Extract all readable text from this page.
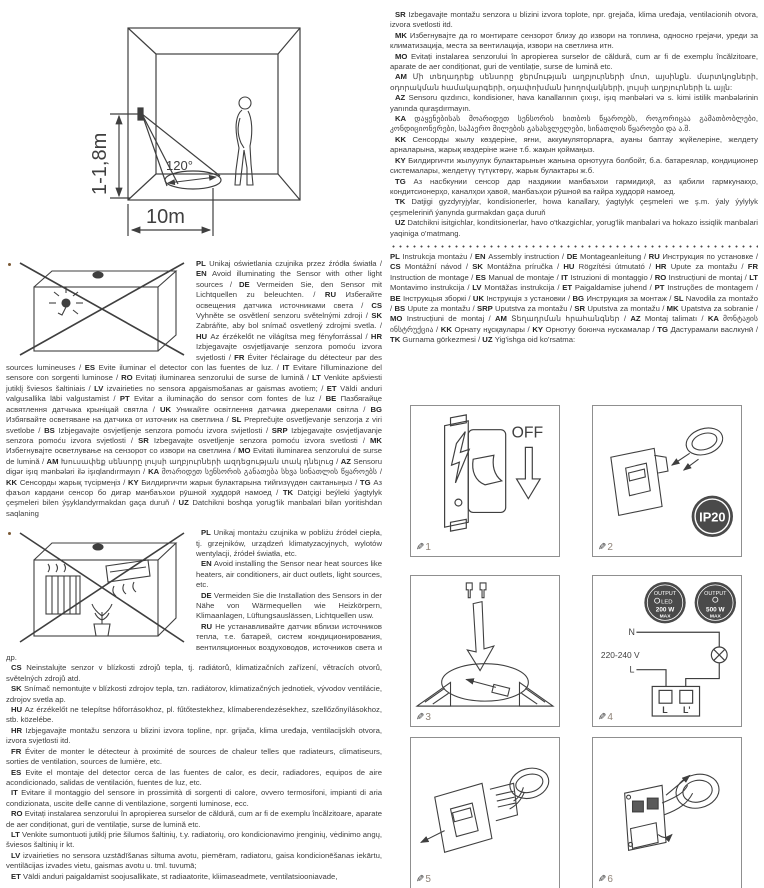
120°
1-1,8m
10m
PL Unikaj oświetlania czujnika przez źródła światła / EN Avoid illuminating the Sensor with other light sources / DE Vermeiden Sie, den Sensor mit Lichtquellen zu beleuchten. / RU Избегайте освещения датчика источниками света / CS Vyhněte se osvětlení senzoru světelnými zdroji / SK Zabráňte, aby bol snímač osvetlený zdrojmi svetla. / HU Az érzékelőt ne világítsa meg fényforrással / HR Izbjegavajte osvjetljavanje senzora pomoću izvora svjetlosti / FR Éviter l'éclairage du détecteur par des sources lumineuses / ES Evite iluminar el detector con las fuentes de luz. / IT Evitare l'illuminazione del sensore con sorgenti luminose / RO Evitați iluminarea senzorului de surse de lumină / LT Venkite apšviesti jutiklį šviesos šaltiniais / LV izvairieties no sensora apgaismošanas ar gaismas avotiem; / ET Väldi anduri valgusallika läbi valgustamist / PT Evitar a iluminação do sensor com fontes de luz / BE Пазбягайце асвятлення датчыка крыніцай святла / UK Уникайте освітлення датчика джерелами світла / BG Избягвайте осветяване на датчика от източник на светлина / SL Preprečujte osvetljevanje senzorja z viri svetlobe / BS Izbjegavajte osvjetljenje senzora pomoću izvora svijetlosti / SRP Izbjegavajte osvjetljavanje senzora pomoću izvora svjetlosti / SR Izbegavajte osvetljenje senzora pomoću izvora svetlosti / MK Избегнувајте осветлување на сензорот со извори на светлина / MO Evitati iluminarea senzorului de surse de lumină / AM Խուսափեք սենսորը լույսի աղբյուրների ազդեցության տակ դնելուց / AZ Sensoru digər işıq mənbələri ilə işıqlandırmayın / KA მოარიდეთ სენსორის განათება სხვა სინათლის წყაროებს / KK Сенсорды жарық түсірмеңіз / KY Билдиргичти жарык булактарына тийгизүүдөн сактаныңыз / TG Аз фаъол кардани сенсор бо дигар манбаъхои рӯшной худдорӣ намоед / TK Datçigi beýleki ýagtylyk çeşmeleri bilen ýşyklandyrmakdan gaça duruň / UZ Datchikni boshqa yorug'lik manbalari bilan yoritishdan saqlaning

PL Unikaj montażu czujnika w pobliżu źródeł ciepła, tj. grzejników, urządzeń klimatyzacyjnych, wylotów wentylacji, źródeł światła, etc.

EN Avoid installing the Sensor near heat sources like heaters, air conditioners, air duct outlets, light sources, etc.

DE Vermeiden Sie die Installation des Sensors in der Nähe von Wärmequellen wie Heizkörpern, Klimaanlagen, Lüftungsauslässen, Lichtquellen usw.

RU Не устанавливайте датчик вблизи источников тепла, т.е. батарей, систем кондиционирования, вентиляционных воздуховодов, источников света и др.

CS Neinstalujte senzor v blízkosti zdrojů tepla, tj. radiátorů, klimatizačních zařízení, větracích otvorů, světelných zdrojů atd.

SK Snímač nemontujte v blízkosti zdrojov tepla, tzn. radiátorov, klimatizačných jednotiek, vývodov ventilácie, zdrojov svetla ap.

HU Az érzékelőt ne telepítse hőforrásokhoz, pl. fűtőtestekhez, klímaberendezésekhez, szellőzőnyílásokhoz, stb. közelébe.

HR Izbjegavajte montažu senzora u blizini izvora topline, npr. grijača, klima uređaja, ventilacijskih otvora, izvora svjetlosti itd.

FR Éviter de monter le détecteur à proximité de sources de chaleur telles que radiateurs, climatiseurs, sorties de ventilation, sources de lumière, etc.

ES Evite el montaje del detector cerca de las fuentes de calor, es decir, radiadores, equipos de aire acondicionado, salidas de ventilación, fuentes de luz, etc.

IT Evitare il montaggio del sensore in prossimità di sorgenti di calore, ovvero termosifoni, impianti di aria condizionata, uscite delle canne di ventilazione, sorgenti luminose, ecc.

RO Evitați instalarea senzorului în apropierea surselor de căldură, cum ar fi de exemplu încălzitoare, aparate de aer condiționat, guri de ventilație, surse de lumină etc.

LT Venkite sumontuoti jutiklį prie šilumos šaltinių, t.y. radiatorių, oro kondicionavimo įrenginių, vėdinimo angų, šviesos šaltinių ir kt.

LV izvairieties no sensora uzstādīšanas siltuma avotu, piemēram, radiatoru, gaisa kondicionēšanas iekārtu, ventilācijas izvades vietu, gaismas avotu u. tml. tuvumā;

ET Väldi anduri paigaldamist soojusallikate, st radiaatorite, kliimaseadmete, ventilatsiooniavade,

SR Izbegavajte montažu senzora u blizini izvora toplote, npr. grejača, klima uređaja, ventilacionih otvora, izvora svetlosti itd.

MK Избегнувајте да го монтирате сензорот близу до извори на топлина, односно грејачи, уреди за климатизација, места за вентилација, извори на светлина итн.

MO Evitați instalarea senzorului în apropierea surselor de căldură, cum ar fi de exemplu încălzitoare, aparate de aer condiționat, guri de ventilație, surse de lumină etc.

AM Մի տեղադրեք սենսորը ջերմության աղբյուրների մոտ, այսինքն. մարտկոցների, օդորակման համակարգերի, օդափոխման խողովակների, լույսի աղբյուրների և այլն:

AZ Sensoru qızdırıcı, kondisioner, hava kanallarının çıxışı, işıq mənbələri və s. kimi istilik mənbələrinin yanında quraşdırmayın.

KA დაყენებისას მოარიდეთ სენსორის სითბოს წყაროებს, როგორიცაა გამათბობლები, კონდიციონერები, საჰაერო მილების გასასვლელები, სინათლის წყაროები და ა.შ.

KK Сенсорды жылу көздеріне, яғни, аккумуляторларға, ауаны баптау жүйелеріне, желдету арналарына, жарық көздеріне және т.б. жақын қоймаңыз.

KY Билдиргичти жылуулук булактарынын жанына орнотууга болбойт, б.а. батареялар, кондиционер системалары, желдетүү түтүктөрү, жарык булактары ж.б.

TG Аз насбкунии сенсор дар наздикии манбаъхои гармидиҳӣ, аз қабили гармкунакҳо, кондитсионерҳо, каналҳои ҳавоӣ, манбаъҳои рӯшноӣ ва ғайра худдорӣ намоед.

TK Datjigi gyzdyryjylar, kondisionerler, howa kanallary, ýagtylyk çeşmeleri we ş.m. ýaly ýylylyk çeşmeleriniň ýanynda gurmakdan gaça duruň

UZ Datchikni isitgichlar, konditsionerlar, havo o'tkazgichlar, yorug'lik manbalari va hokazo issiqlik manbalari yaqiniga o'matmang.

PL Instrukcja montażu / EN Assembly instruction / DE Montageanleitung / RU Инструкция по установке / CS Montážní návod / SK Montážna príručka / HU Rögzítési útmutató / HR Upute za montažu / FR Instruction de montage / ES Manual de montaje / IT Istruzioni di montaggio / RO Instrucțiuni de montaj / LT Montavimo instrukcija / LV Montāžas instrukcija / ET Paigaldamise juhend / PT Instruções de montagem / BE Інструкцыя зборкі / UK Інструкція з установки / BG Инструкция за монтаж / SL Navodila za montažo / BS Upute za montažu / SRP Uputstva za montažu / SR Uputstva za montažu / MK Upatstva za sobranie / MO Instrucțiuni de montaj / AM Տեղադրման հրահանգներ / AZ Montaj talimatı / KA მონტაჟის ინსტრუქცია / KK Орнату нұсқаулары / KY Орнотуу боюнча нускамалар / TG Дастурамали васлкунӣ / TK Gurnama görkezmesi / UZ Yig'ishga oid ko'rsatma:
OFF
✎1
IP20
✎2
✎3
OUTPUT
LED
200 W
MAX
OUTPUT
500 W
MAX
N
220-240 V
L
L L'
✎4
✎5	✎6
